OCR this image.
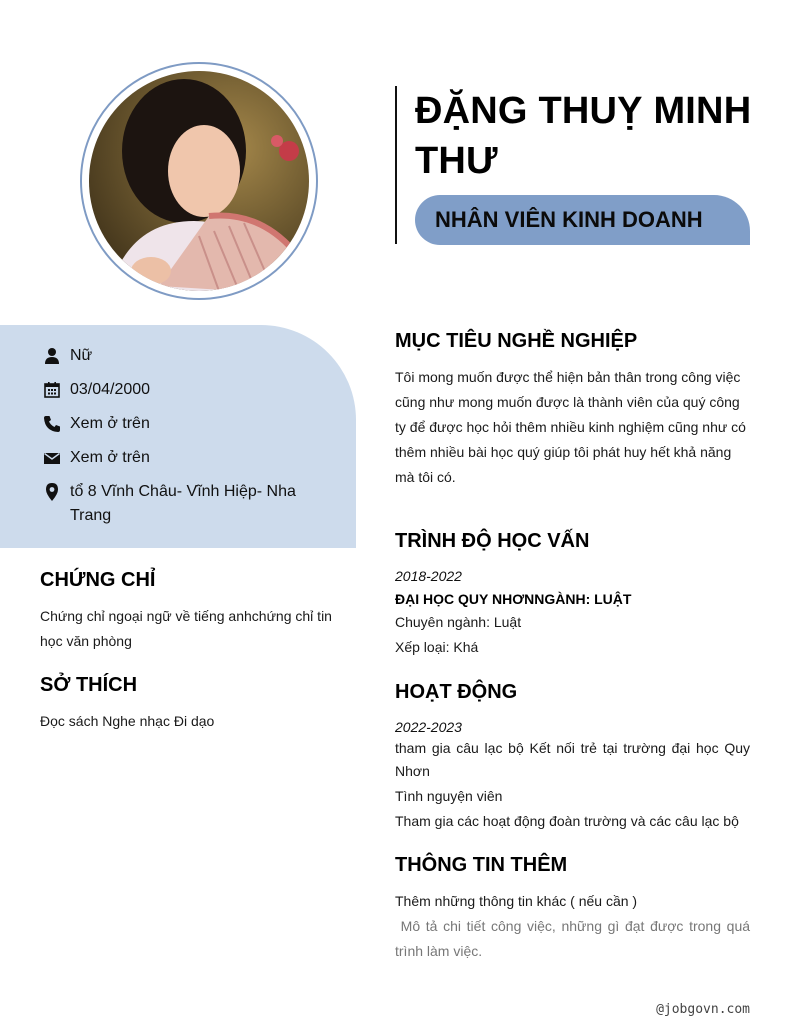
ĐẶNG THUỴ MINH THƯ
NHÂN VIÊN KINH DOANH
Nữ
03/04/2000
Xem ở trên
Xem ở trên
tổ 8 Vĩnh Châu- Vĩnh Hiệp- Nha Trang
CHỨNG CHỈ
Chứng chỉ ngoại ngữ về tiếng anhchứng chỉ tin học văn phòng
SỞ THÍCH
Đọc sách Nghe nhạc Đi dạo
MỤC TIÊU NGHỀ NGHIỆP
Tôi mong muốn được thể hiện bản thân trong công việc cũng như mong muốn được là thành viên của quý công ty để được học hỏi thêm nhiều kinh nghiệm cũng như có thêm nhiều bài học quý giúp tôi phát huy hết khả năng mà tôi có.
TRÌNH ĐỘ HỌC VẤN
2018-2022
ĐẠI HỌC QUY NHƠNNGÀNH: LUẬT
Chuyên ngành: Luật
Xếp loại: Khá
HOẠT ĐỘNG
2022-2023
tham gia câu lạc bộ Kết nối trẻ tại trường đại học Quy Nhơn
Tình nguyện viên
Tham gia các hoạt động đoàn trường và các câu lạc bộ
THÔNG TIN THÊM
Thêm những thông tin khác ( nếu cần )
Mô tả chi tiết công việc, những gì đạt được trong quá trình làm việc.
@jobgovn.com
